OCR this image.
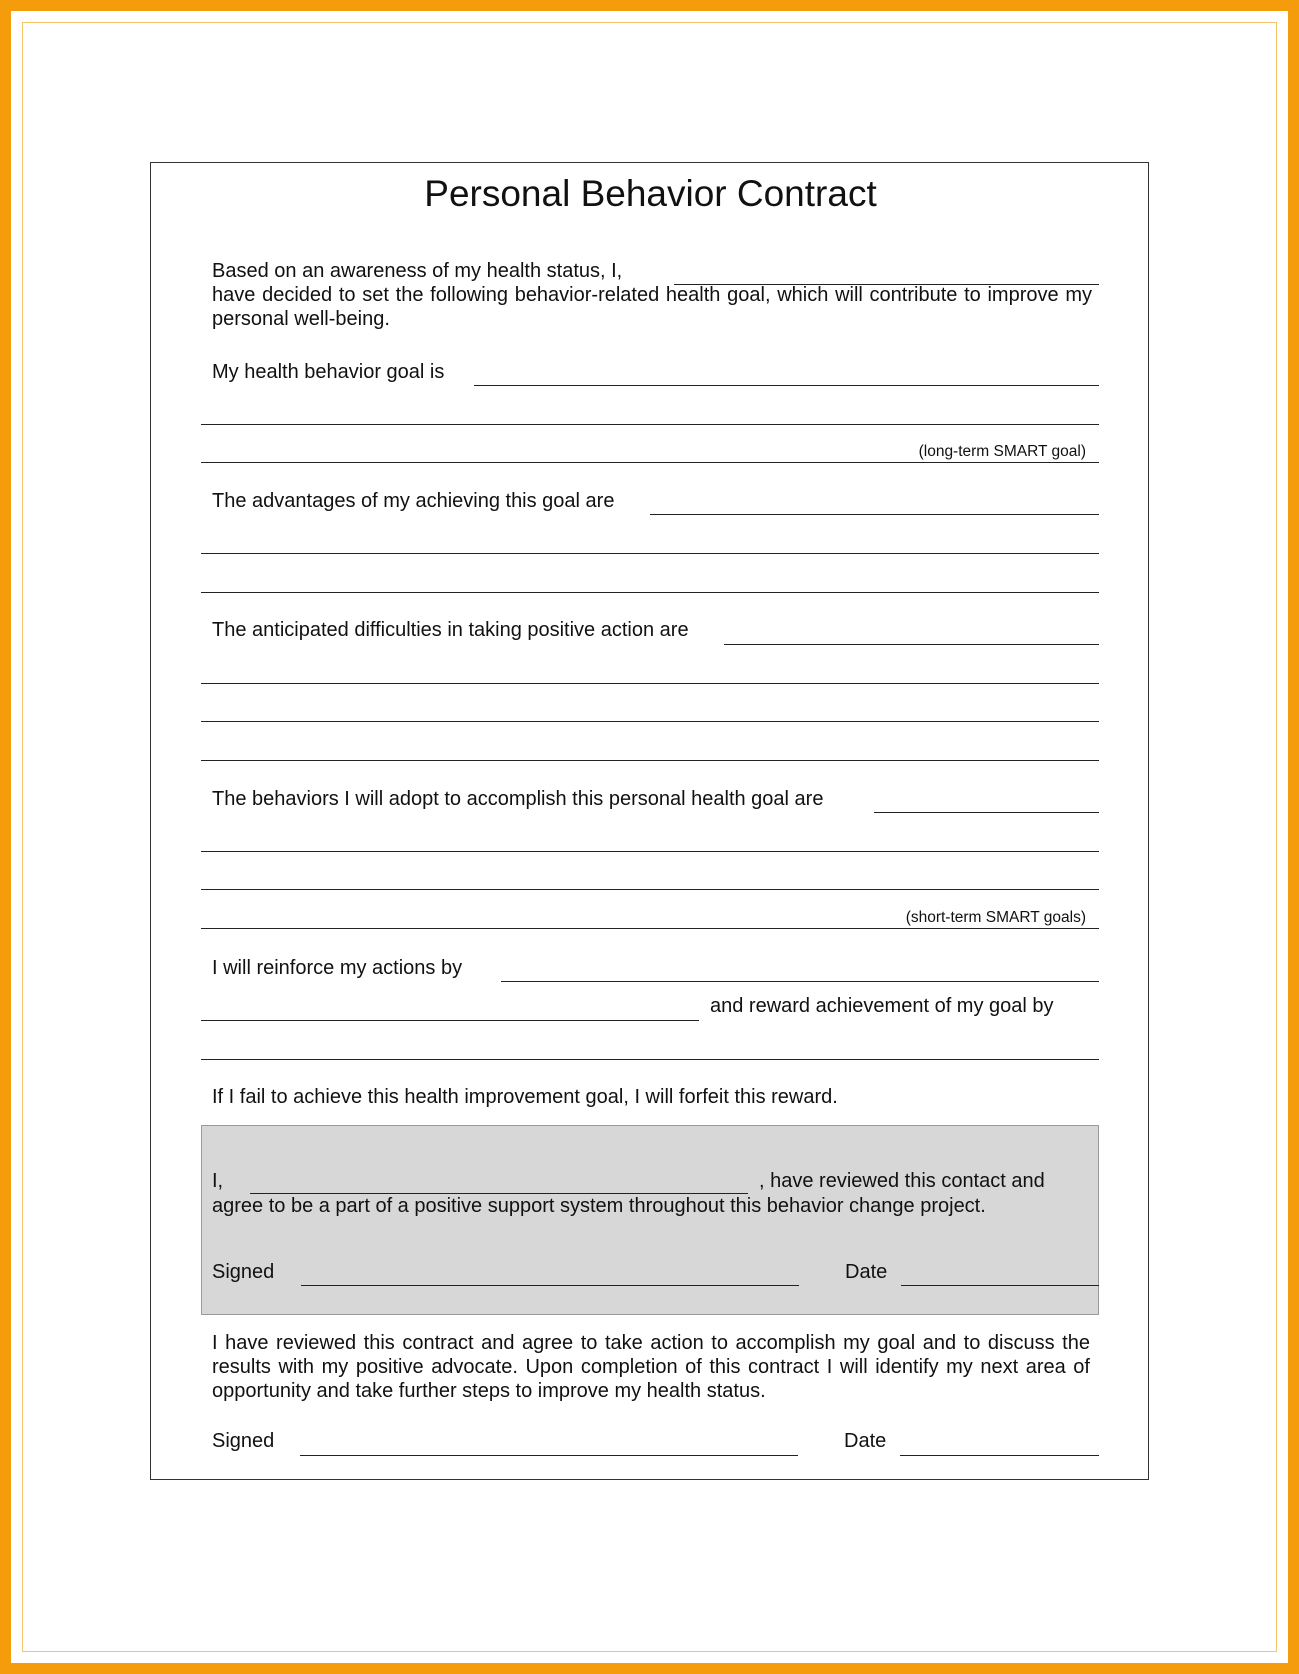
Personal Behavior Contract
Based on an awareness of my health status, I,
have decided to set the following behavior-related health goal, which will contribute to improve my personal well-being.
My health behavior goal is
(long-term SMART goal)
The advantages of my achieving this goal are
The anticipated difficulties in taking positive action are
The behaviors I will adopt to accomplish this personal health goal are
(short-term SMART goals)
I will reinforce my actions by
and reward achievement of my goal by
If I fail to achieve this health improvement goal, I will forfeit this reward.
I,	, have reviewed this contact and
agree to be a part of a positive support system throughout this behavior change project.
Signed	Date
I have reviewed this contract and agree to take action to accomplish my goal and to discuss the results with my positive advocate. Upon completion of this contract I will identify my next area of opportunity and take further steps to improve my health status.
Signed	Date
